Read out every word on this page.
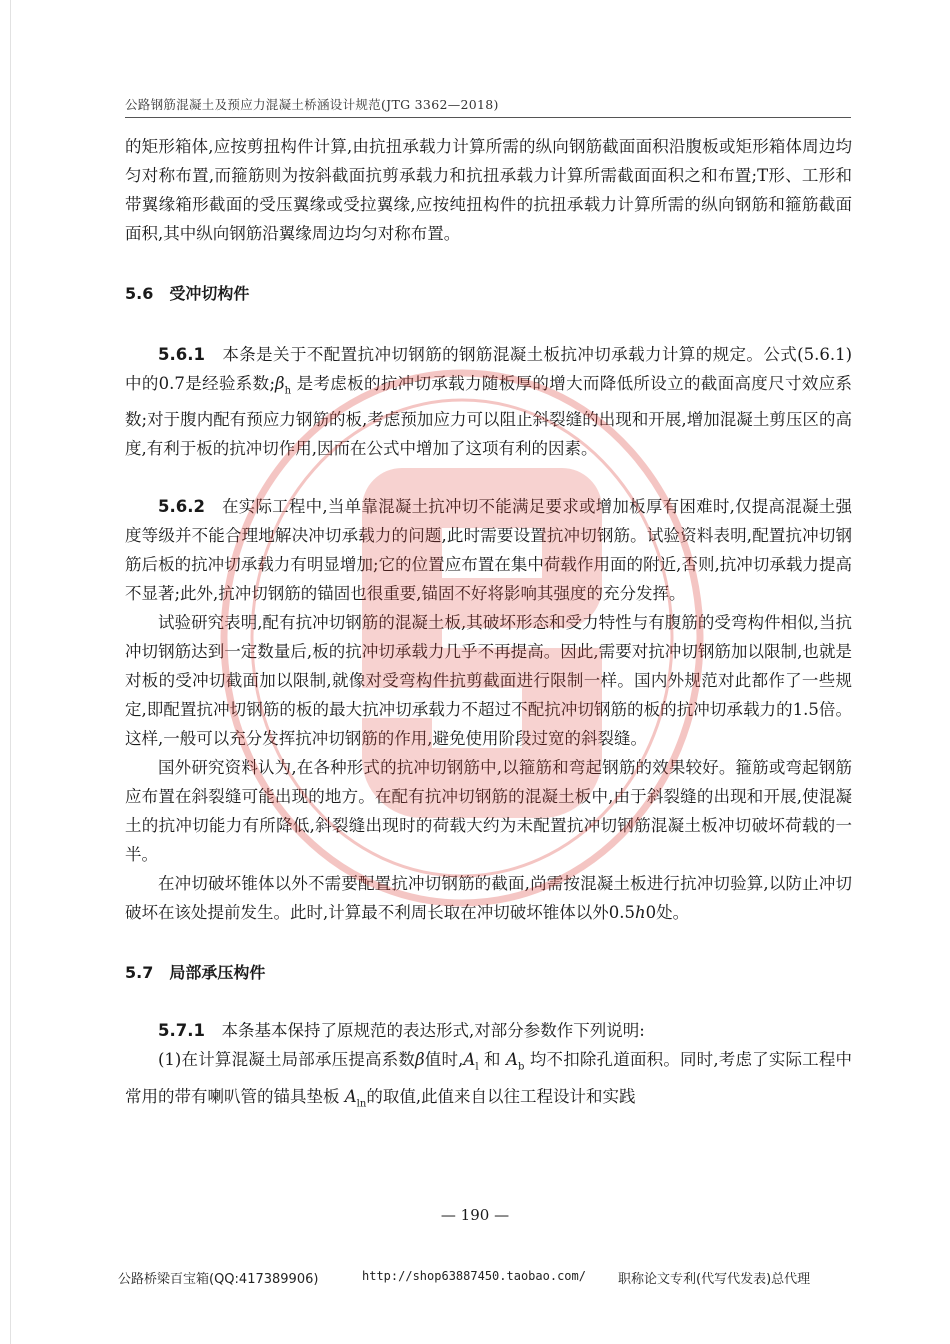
公路钢筋混凝土及预应力混凝土桥涵设计规范(JTG 3362—2018)

的矩形箱体,应按剪扭构件计算,由抗扭承载力计算所需的纵向钢筋截面面积沿腹板或矩形箱体周边均匀对称布置,而箍筋则为按斜截面抗剪承载力和抗扭承载力计算所需截面面积之和布置;T形、工形和带翼缘箱形截面的受压翼缘或受拉翼缘,应按纯扭构件的抗扭承载力计算所需的纵向钢筋和箍筋截面面积,其中纵向钢筋沿翼缘周边均匀对称布置。

5.6　受冲切构件

5.6.1　 本条是关于不配置抗冲切钢筋的钢筋混凝土板抗冲切承载力计算的规定。公式(5.6.1)中的0.7是经验系数$;\beta_h$ 是考虑板的抗冲切承载力随板厚的增大而降低所设立的截面高度尺寸效应系数;对于腹内配有预应力钢筋的板,考虑预加应力可以阻止斜裂缝的出现和开展,增加混凝土剪压区的高度,有利于板的抗冲切作用,因而在公式中增加了这项有利的因素。

5.6.2　 在实际工程中,当单靠混凝土抗冲切不能满足要求或增加板厚有困难时,仅提高混凝土强度等级并不能合理地解决冲切承载力的问题,此时需要设置抗冲切钢筋。试验资料表明,配置抗冲切钢筋后板的抗冲切承载力有明显增加;它的位置应布置在集中荷载作用面的附近,否则,抗冲切承载力提高不显著;此外,抗冲切钢筋的锚固也很重要,锚固不好将影响其强度的充分发挥。

试验研究表明,配有抗冲切钢筋的混凝土板,其破坏形态和受力特性与有腹筋的受弯构件相似,当抗冲切钢筋达到一定数量后,板的抗冲切承载力几乎不再提高。因此,需要对抗冲切钢筋加以限制,也就是对板的受冲切截面加以限制,就像对受弯构件抗剪截面进行限制一样。国内外规范对此都作了一些规定,即配置抗冲切钢筋的板的最大抗冲切承载力不超过不配抗冲切钢筋的板的抗冲切承载力的1.5倍。这样,一般可以充分发挥抗冲切钢筋的作用,避免使用阶段过宽的斜裂缝。

国外研究资料认为,在各种形式的抗冲切钢筋中,以箍筋和弯起钢筋的效果较好。箍筋或弯起钢筋应布置在斜裂缝可能出现的地方。在配有抗冲切钢筋的混凝土板中,由于斜裂缝的出现和开展,使混凝土的抗冲切能力有所降低,斜裂缝出现时的荷载大约为未配置抗冲切钢筋混凝土板冲切破坏荷载的一半。

在冲切破坏锥体以外不需要配置抗冲切钢筋的截面,尚需按混凝土板进行抗冲切验算,以防止冲切破坏在该处提前发生。此时,计算最不利周长取在冲切破坏锥体以外0.5h0处。

5.7　局部承压构件

5.7.1　 本条基本保持了原规范的表达形式,对部分参数作下列说明:

(1)在计算混凝土局部承压提高系数β值时$,A_l$ 和 $A_b$ 均不扣除孔道面积。同时,考虑了实际工程中常用的带有喇叭管的锚具垫板 $A_{ln}$的取值,此值来自以往工程设计和实践

— 190 —
公路桥梁百宝箱(QQ:417389906)	http://shop63887450.taobao.com/ 职称论文专利(代写代发表)总代理
